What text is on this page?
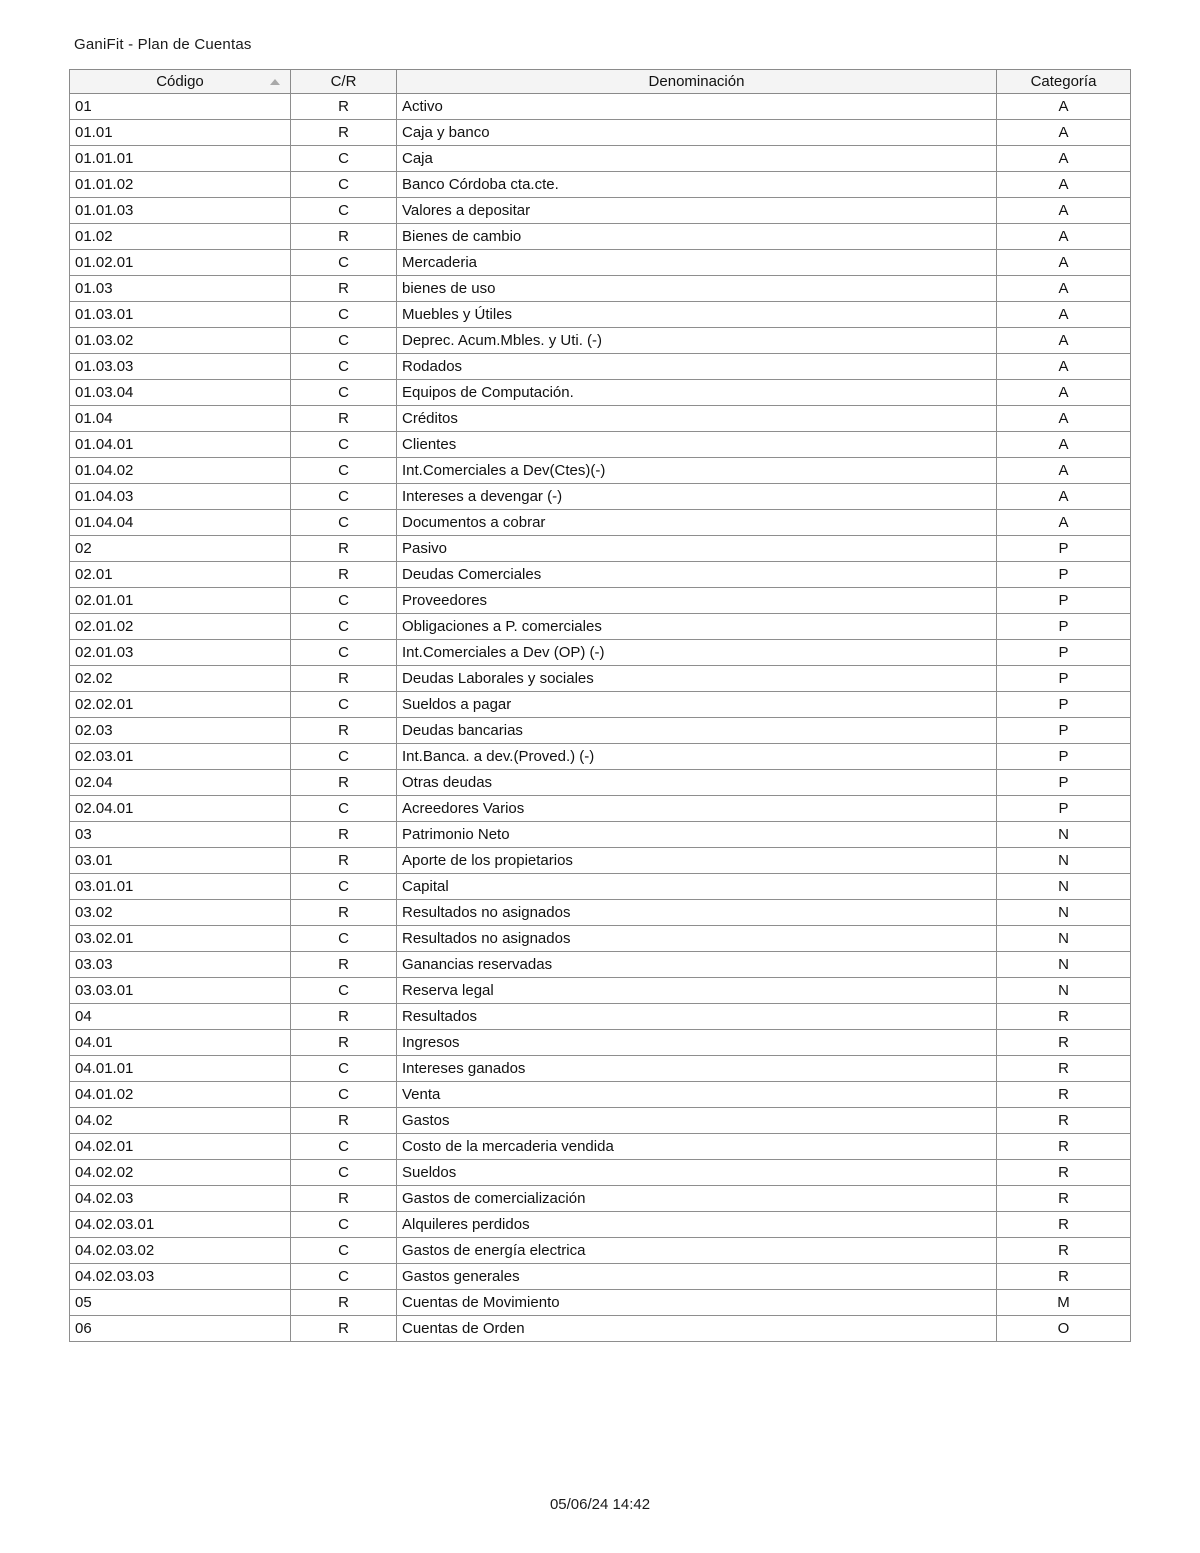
GaniFit - Plan de Cuentas
Código	C/R	Denominación	Categoría
01	R	Activo	A
01.01	R	Caja y banco	A
01.01.01	C	Caja	A
01.01.02	C	Banco Córdoba cta.cte.	A
01.01.03	C	Valores a depositar	A
01.02	R	Bienes de cambio	A
01.02.01	C	Mercaderia	A
01.03	R	bienes de uso	A
01.03.01	C	Muebles y Útiles	A
01.03.02	C	Deprec. Acum.Mbles. y Uti. (-)	A
01.03.03	C	Rodados	A
01.03.04	C	Equipos de Computación.	A
01.04	R	Créditos	A
01.04.01	C	Clientes	A
01.04.02	C	Int.Comerciales a Dev(Ctes)(-)	A
01.04.03	C	Intereses a devengar (-)	A
01.04.04	C	Documentos a cobrar	A
02	R	Pasivo	P
02.01	R	Deudas Comerciales	P
02.01.01	C	Proveedores	P
02.01.02	C	Obligaciones a P. comerciales	P
02.01.03	C	Int.Comerciales a Dev (OP) (-)	P
02.02	R	Deudas Laborales y sociales	P
02.02.01	C	Sueldos a pagar	P
02.03	R	Deudas bancarias	P
02.03.01	C	Int.Banca. a dev.(Proved.) (-)	P
02.04	R	Otras deudas	P
02.04.01	C	Acreedores Varios	P
03	R	Patrimonio Neto	N
03.01	R	Aporte de los propietarios	N
03.01.01	C	Capital	N
03.02	R	Resultados no asignados	N
03.02.01	C	Resultados no asignados	N
03.03	R	Ganancias reservadas	N
03.03.01	C	Reserva legal	N
04	R	Resultados	R
04.01	R	Ingresos	R
04.01.01	C	Intereses ganados	R
04.01.02	C	Venta	R
04.02	R	Gastos	R
04.02.01	C	Costo de la mercaderia vendida	R
04.02.02	C	Sueldos	R
04.02.03	R	Gastos de comercialización	R
04.02.03.01	C	Alquileres perdidos	R
04.02.03.02	C	Gastos de energía electrica	R
04.02.03.03	C	Gastos generales	R
05	R	Cuentas de Movimiento	M
06	R	Cuentas de Orden	O
05/06/24 14:42
